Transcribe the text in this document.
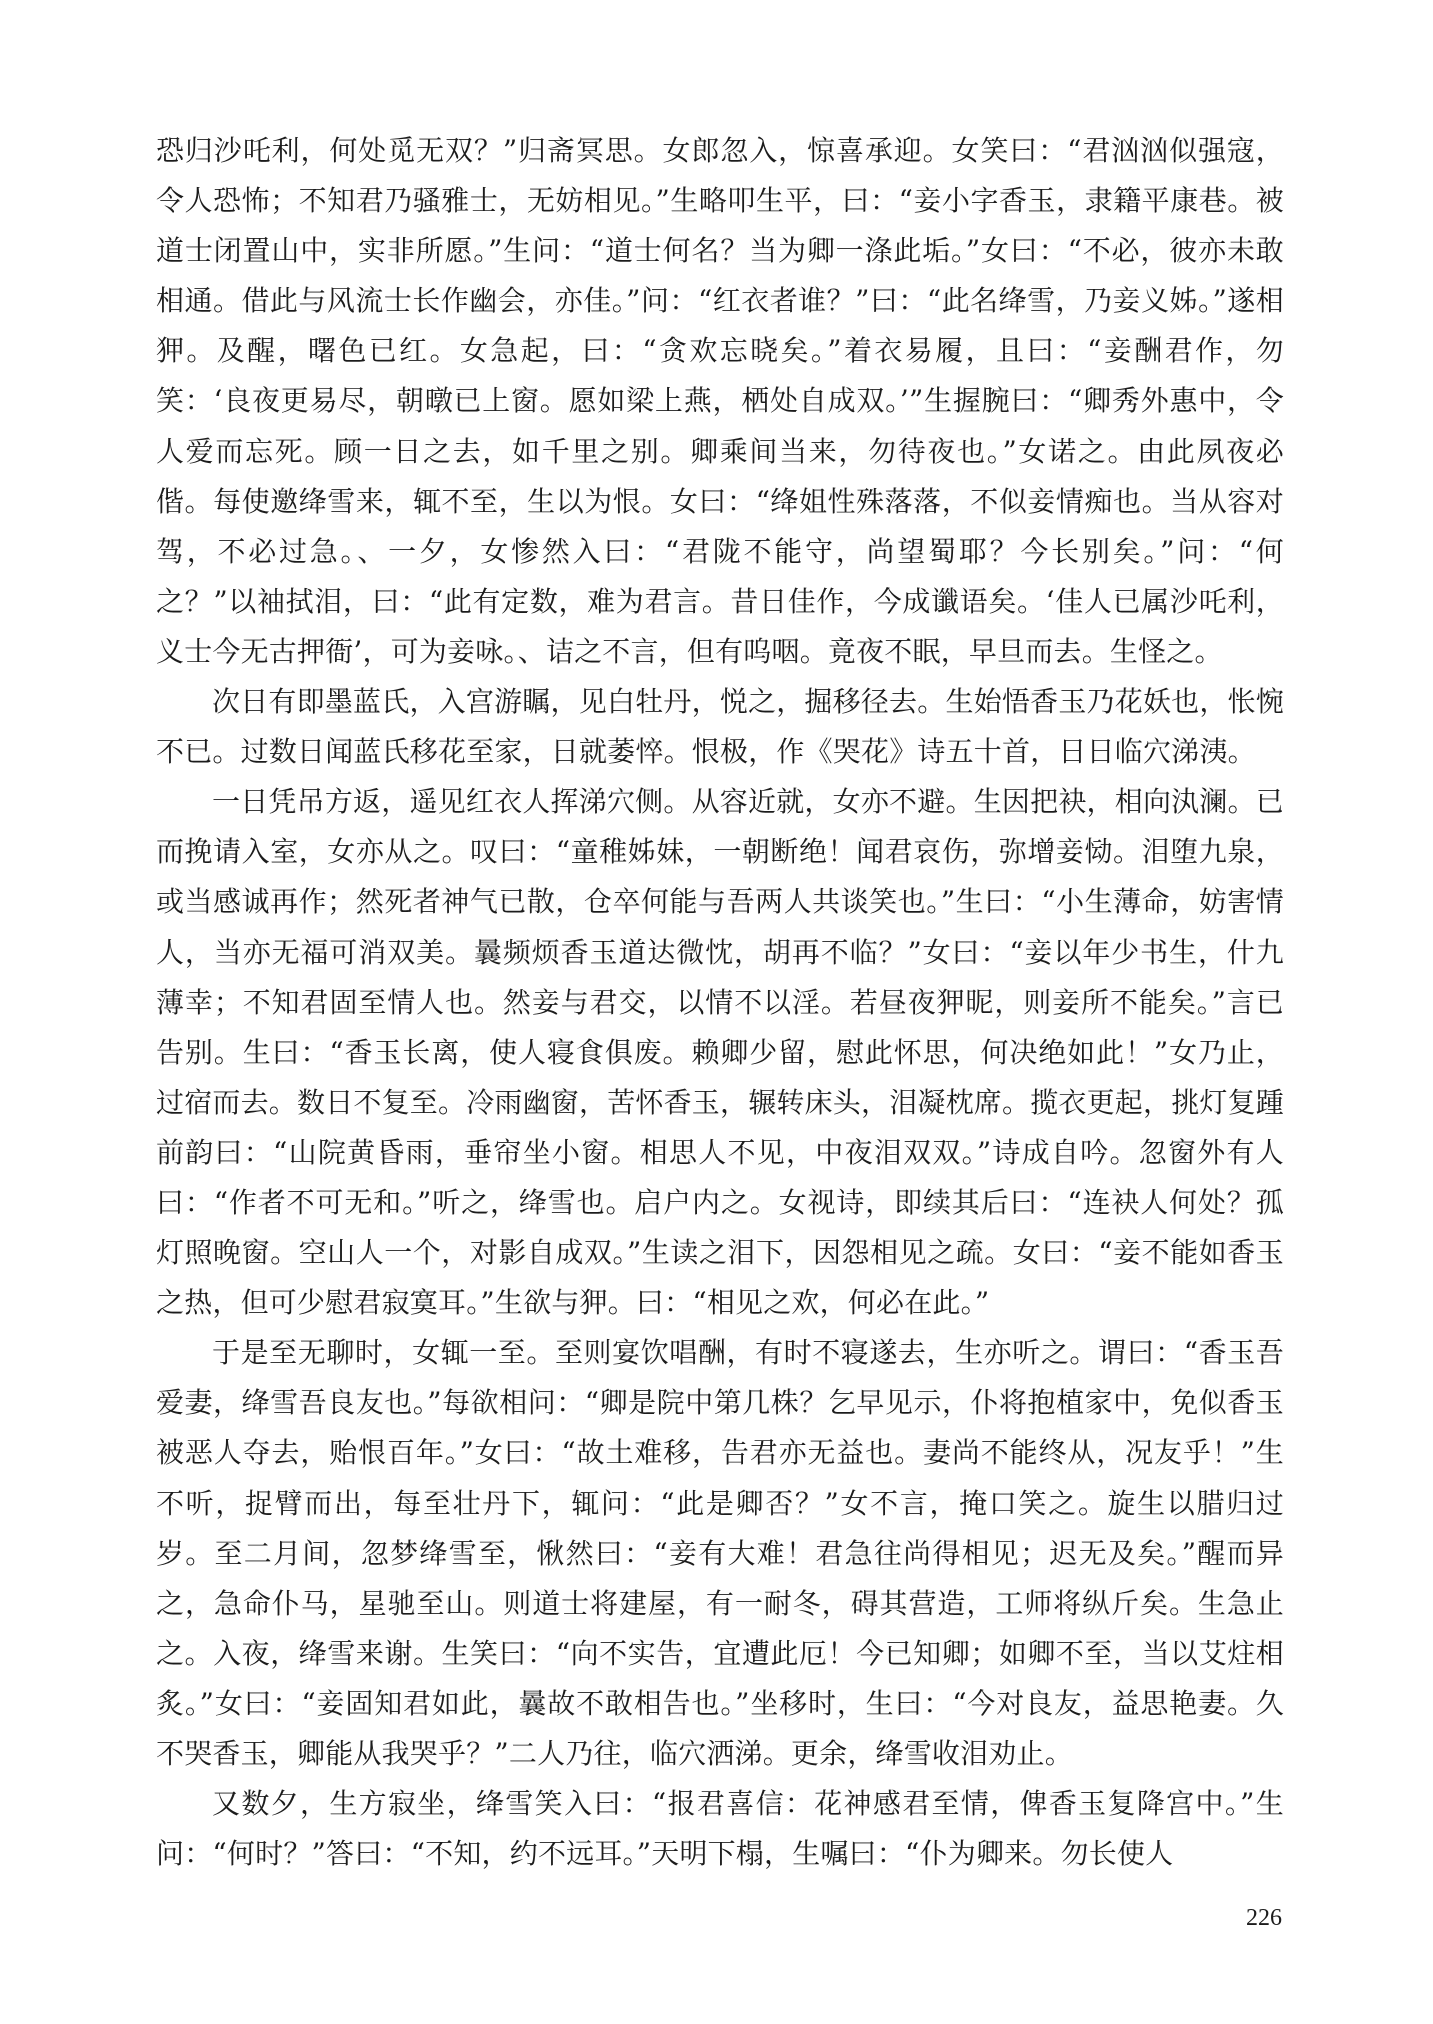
恐归沙吒利，何处觅无双？”归斋冥思。女郎忽入，惊喜承迎。女笑曰：“君汹汹似强寇，令人恐怖；不知君乃骚雅士，无妨相见。”生略叩生平，曰：“妾小字香玉，隶籍平康巷。被道士闭置山中，实非所愿。”生问：“道士何名？当为卿一涤此垢。”女曰：“不必，彼亦未敢相通。借此与风流士长作幽会，亦佳。”问：“红衣者谁？”曰：“此名绛雪，乃妾义姊。”遂相狎。及醒，曙色已红。女急起，曰：“贪欢忘晓矣。”着衣易履，且曰：“妾酬君作，勿笑：‘良夜更易尽，朝暾已上窗。愿如梁上燕，栖处自成双。’”生握腕曰：“卿秀外惠中，令人爱而忘死。顾一日之去，如千里之别。卿乘间当来，勿待夜也。”女诺之。由此夙夜必偕。每使邀绛雪来，辄不至，生以为恨。女曰：“绛姐性殊落落，不似妾情痴也。当从容对驾，不必过急。、一夕，女惨然入曰：“君陇不能守，尚望蜀耶？今长别矣。”问：“何之？”以袖拭泪，曰：“此有定数，难为君言。昔日佳作，今成谶语矣。‘佳人已属沙吒利，义士今无古押衙’，可为妾咏。、诘之不言，但有呜咽。竟夜不眠，早旦而去。生怪之。

次日有即墨蓝氏，入宫游瞩，见白牡丹，悦之，掘移径去。生始悟香玉乃花妖也，怅惋不已。过数日闻蓝氏移花至家，日就萎悴。恨极，作《哭花》诗五十首，日日临穴涕洟。

一日凭吊方返，遥见红衣人挥涕穴侧。从容近就，女亦不避。生因把袂，相向汍澜。已而挽请入室，女亦从之。叹曰：“童稚姊妹，一朝断绝！闻君哀伤，弥增妾恸。泪堕九泉，或当感诚再作；然死者神气已散，仓卒何能与吾两人共谈笑也。”生曰：“小生薄命，妨害情人，当亦无福可消双美。曩频烦香玉道达微忱，胡再不临？”女曰：“妾以年少书生，什九薄幸；不知君固至情人也。然妾与君交，以情不以淫。若昼夜狎昵，则妾所不能矣。”言已告别。生曰：“香玉长离，使人寝食俱废。赖卿少留，慰此怀思，何决绝如此！”女乃止，过宿而去。数日不复至。冷雨幽窗，苦怀香玉，辗转床头，泪凝枕席。揽衣更起，挑灯复踵前韵曰：“山院黄昏雨，垂帘坐小窗。相思人不见，中夜泪双双。”诗成自吟。忽窗外有人曰：“作者不可无和。”听之，绛雪也。启户内之。女视诗，即续其后曰：“连袂人何处？孤灯照晚窗。空山人一个，对影自成双。”生读之泪下，因怨相见之疏。女曰：“妾不能如香玉之热，但可少慰君寂寞耳。”生欲与狎。曰：“相见之欢，何必在此。”

于是至无聊时，女辄一至。至则宴饮唱酬，有时不寝遂去，生亦听之。谓曰：“香玉吾爱妻，绛雪吾良友也。”每欲相问：“卿是院中第几株？乞早见示，仆将抱植家中，免似香玉被恶人夺去，贻恨百年。”女曰：“故土难移，告君亦无益也。妻尚不能终从，况友乎！”生不听，捉臂而出，每至壮丹下，辄问：“此是卿否？”女不言，掩口笑之。旋生以腊归过岁。至二月间，忽梦绛雪至，愀然曰：“妾有大难！君急往尚得相见；迟无及矣。”醒而异之，急命仆马，星驰至山。则道士将建屋，有一耐冬，碍其营造，工师将纵斤矣。生急止之。入夜，绛雪来谢。生笑曰：“向不实告，宜遭此厄！今已知卿；如卿不至，当以艾炷相炙。”女曰：“妾固知君如此，曩故不敢相告也。”坐移时，生曰：“今对良友，益思艳妻。久不哭香玉，卿能从我哭乎？”二人乃往，临穴洒涕。更余，绛雪收泪劝止。

又数夕，生方寂坐，绛雪笑入曰：“报君喜信：花神感君至情，俾香玉复降宫中。”生问：“何时？”答曰：“不知，约不远耳。”天明下榻，生嘱曰：“仆为卿来。勿长使人

226
